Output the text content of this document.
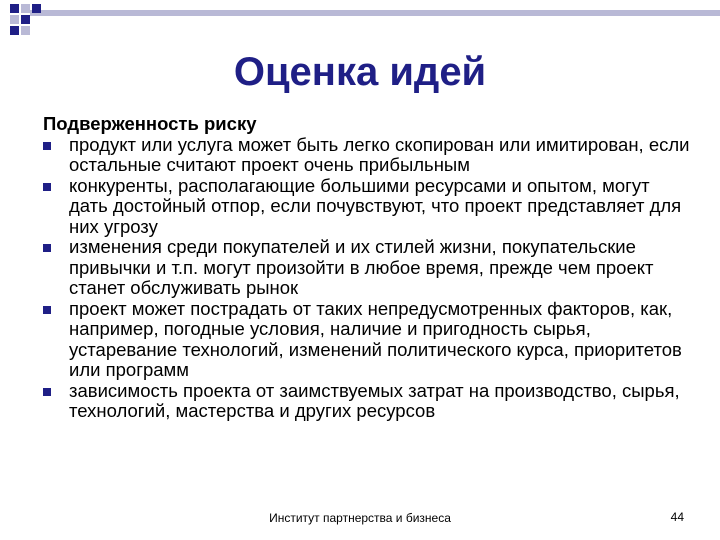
Оценка идей
Подверженность риску
продукт или услуга может быть легко скопирован или имитирован, если остальные считают проект очень прибыльным
конкуренты, располагающие большими ресурсами и опытом, могут дать достойный отпор, если почувствуют, что проект представляет для них угрозу
изменения среди покупателей и их стилей жизни, покупательские привычки и т.п. могут произойти в любое время, прежде чем проект станет обслуживать рынок
проект может пострадать от таких непредусмотренных факторов, как, например, погодные условия, наличие и пригодность сырья, устаревание технологий, изменений политического курса, приоритетов или программ
зависимость проекта от заимствуемых затрат на производство, сырья, технологий, мастерства и других ресурсов
Институт партнерства и бизнеса	44
